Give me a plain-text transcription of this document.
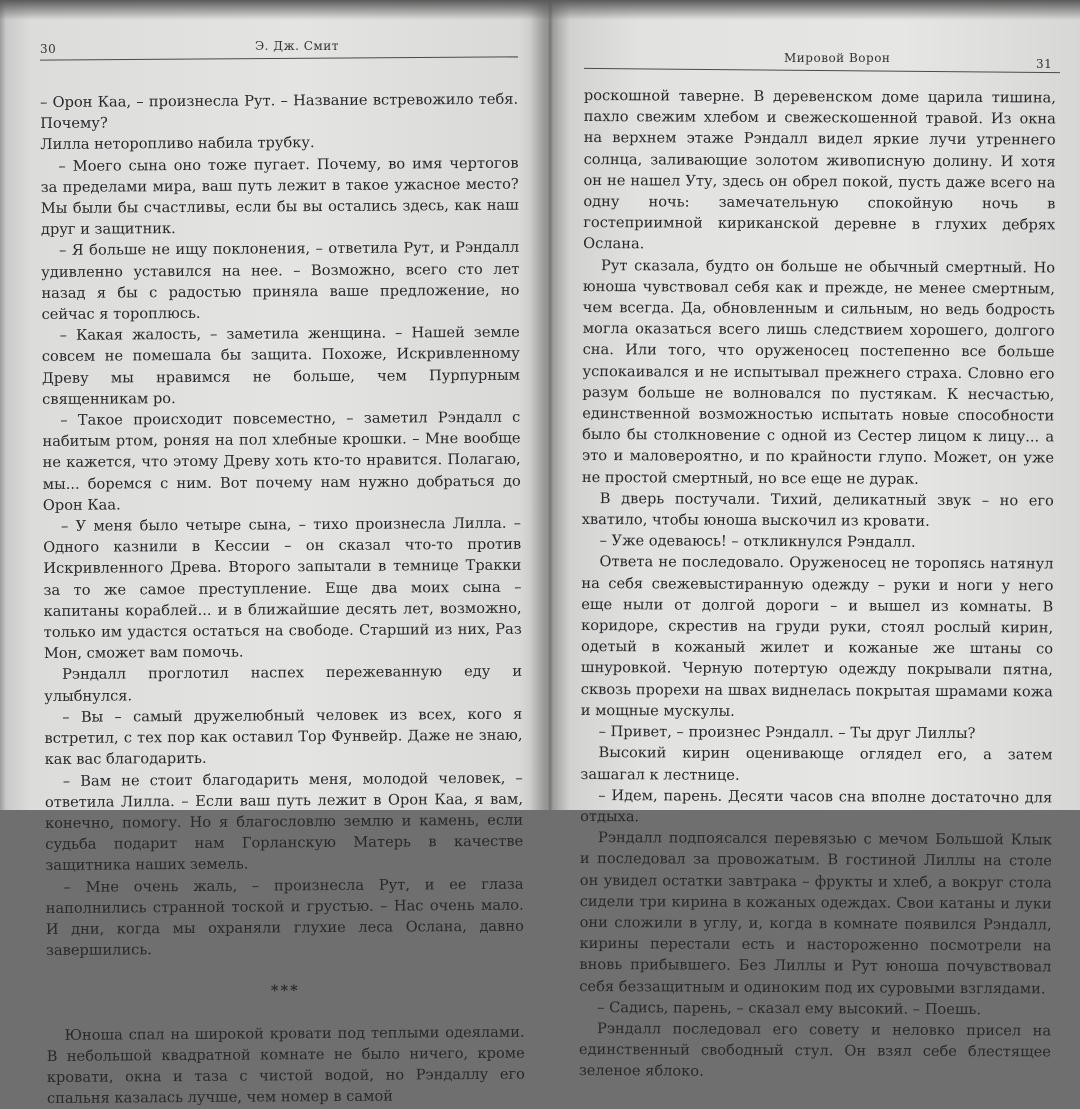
30	Э. Дж. Смит

– Орон Каа, – произнесла Рут. – Название встревожило тебя. Почему?

Лилла неторопливо набила трубку.

– Моего сына оно тоже пугает. Почему, во имя чертогов за пределами мира, ваш путь лежит в такое ужасное место? Мы были бы счастливы, если бы вы остались здесь, как наш друг и защитник.

– Я больше не ищу поклонения, – ответила Рут, и Рэндалл удивленно уставился на нее. – Возможно, всего сто лет назад я бы с радостью приняла ваше предложение, но сейчас я тороплюсь.

– Какая жалость, – заметила женщина. – Нашей земле совсем не помешала бы защита. Похоже, Искривленному Древу мы нравимся не больше, чем Пурпурным священникам ро.

– Такое происходит повсеместно, – заметил Рэндалл с набитым ртом, роняя на пол хлебные крошки. – Мне вообще не кажется, что этому Древу хоть кто-то нравится. Полагаю, мы... боремся с ним. Вот почему нам нужно добраться до Орон Каа.

– У меня было четыре сына, – тихо произнесла Лилла. – Одного казнили в Кесcии – он сказал что-то против Искривленного Древа. Второго запытали в темнице Тракки за то же самое преступление. Еще два моих сына – капитаны кораблей... и в ближайшие десять лет, возможно, только им удастся остаться на свободе. Старший из них, Раз Мон, сможет вам помочь.

Рэндалл проглотил наспех пережеванную еду и улыбнулся.

– Вы – самый дружелюбный человек из всех, кого я встретил, с тех пор как оставил Тор Фунвейр. Даже не знаю, как вас благодарить.

– Вам не стоит благодарить меня, молодой человек, – ответила Лилла. – Если ваш путь лежит в Орон Каа, я вам, конечно, помогу. Но я благословлю землю и камень, если судьба подарит нам Горланскую Матерь в качестве защитника наших земель.

– Мне очень жаль, – произнесла Рут, и ее глаза наполнились странной тоской и грустью. – Нас очень мало. И дни, когда мы охраняли глухие леса Ослана, давно завершились.

***

Юноша спал на широкой кровати под теплыми одеялами. В небольшой квадратной комнате не было ничего, кроме кровати, окна и таза с чистой водой, но Рэндаллу его спальня казалась лучше, чем номер в самой

Мировой Ворон	31

роскошной таверне. В деревенском доме царила тишина, пахло свежим хлебом и свежескошенной травой. Из окна на верхнем этаже Рэндалл видел яркие лучи утреннего солнца, заливающие золотом живописную долину. И хотя он не нашел Уту, здесь он обрел покой, пусть даже всего на одну ночь: замечательную спокойную ночь в гостеприимной кириканской деревне в глухих дебрях Ослана.

Рут сказала, будто он больше не обычный смертный. Но юноша чувствовал себя как и прежде, не менее смертным, чем всегда. Да, обновленным и сильным, но ведь бодрость могла оказаться всего лишь следствием хорошего, долгого сна. Или того, что оруженосец постепенно все больше успокаивался и не испытывал прежнего страха. Словно его разум больше не волновался по пустякам. К несчастью, единственной возможностью испытать новые способности было бы столкновение с одной из Сестер лицом к лицу... а это и маловероятно, и по крайности глупо. Может, он уже не простой смертный, но все еще не дурак.

В дверь постучали. Тихий, деликатный звук – но его хватило, чтобы юноша выскочил из кровати.

– Уже одеваюсь! – откликнулся Рэндалл.

Ответа не последовало. Оруженосец не торопясь натянул на себя свежевыстиранную одежду – руки и ноги у него еще ныли от долгой дороги – и вышел из комнаты. В коридоре, скрестив на груди руки, стоял рослый кирин, одетый в кожаный жилет и кожаные же штаны со шнуровкой. Черную потертую одежду покрывали пятна, сквозь прорехи на швах виднелась покрытая шрамами кожа и мощные мускулы.

– Привет, – произнес Рэндалл. – Ты друг Лиллы?

Высокий кирин оценивающе оглядел его, а затем зашагал к лестнице.

– Идем, парень. Десяти часов сна вполне достаточно для отдыха.

Рэндалл подпоясался перевязью с мечом Большой Клык и последовал за провожатым. В гостиной Лиллы на столе он увидел остатки завтрака – фрукты и хлеб, а вокруг стола сидели три кирина в кожаных одеждах. Свои катаны и луки они сложили в углу, и, когда в комнате появился Рэндалл, кирины перестали есть и настороженно посмотрели на вновь прибывшего. Без Лиллы и Рут юноша почувствовал себя беззащитным и одиноким под их суровыми взглядами.

– Садись, парень, – сказал ему высокий. – Поешь.

Рэндалл последовал его совету и неловко присел на единственный свободный стул. Он взял себе блестящее зеленое яблоко.
